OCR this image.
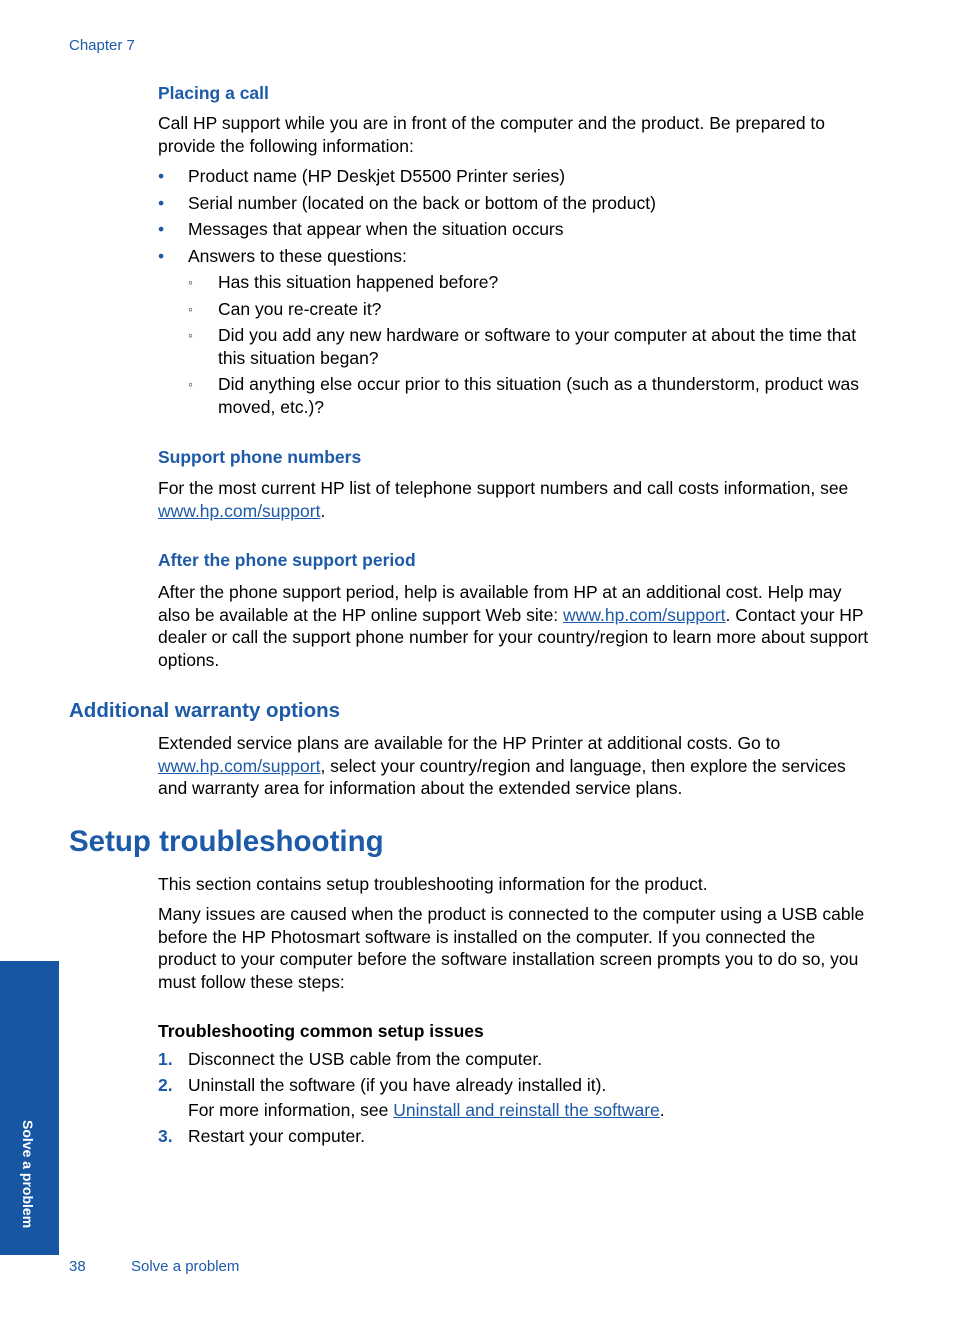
Chapter 7
Placing a call
Call HP support while you are in front of the computer and the product. Be prepared to provide the following information:
• Product name (HP Deskjet D5500 Printer series)
• Serial number (located on the back or bottom of the product)
• Messages that appear when the situation occurs
• Answers to these questions:
◦ Has this situation happened before?
◦ Can you re-create it?
◦ Did you add any new hardware or software to your computer at about the time that this situation began?
◦ Did anything else occur prior to this situation (such as a thunderstorm, product was moved, etc.)?
Support phone numbers
For the most current HP list of telephone support numbers and call costs information, see www.hp.com/support.
After the phone support period
After the phone support period, help is available from HP at an additional cost. Help may also be available at the HP online support Web site: www.hp.com/support. Contact your HP dealer or call the support phone number for your country/region to learn more about support options.
Additional warranty options
Extended service plans are available for the HP Printer at additional costs. Go to www.hp.com/support, select your country/region and language, then explore the services and warranty area for information about the extended service plans.
Setup troubleshooting
This section contains setup troubleshooting information for the product.
Many issues are caused when the product is connected to the computer using a USB cable before the HP Photosmart software is installed on the computer. If you connected the product to your computer before the software installation screen prompts you to do so, you must follow these steps:
Troubleshooting common setup issues
1. Disconnect the USB cable from the computer.
2. Uninstall the software (if you have already installed it).
For more information, see Uninstall and reinstall the software.
3. Restart your computer.
Solve a problem
38	Solve a problem
